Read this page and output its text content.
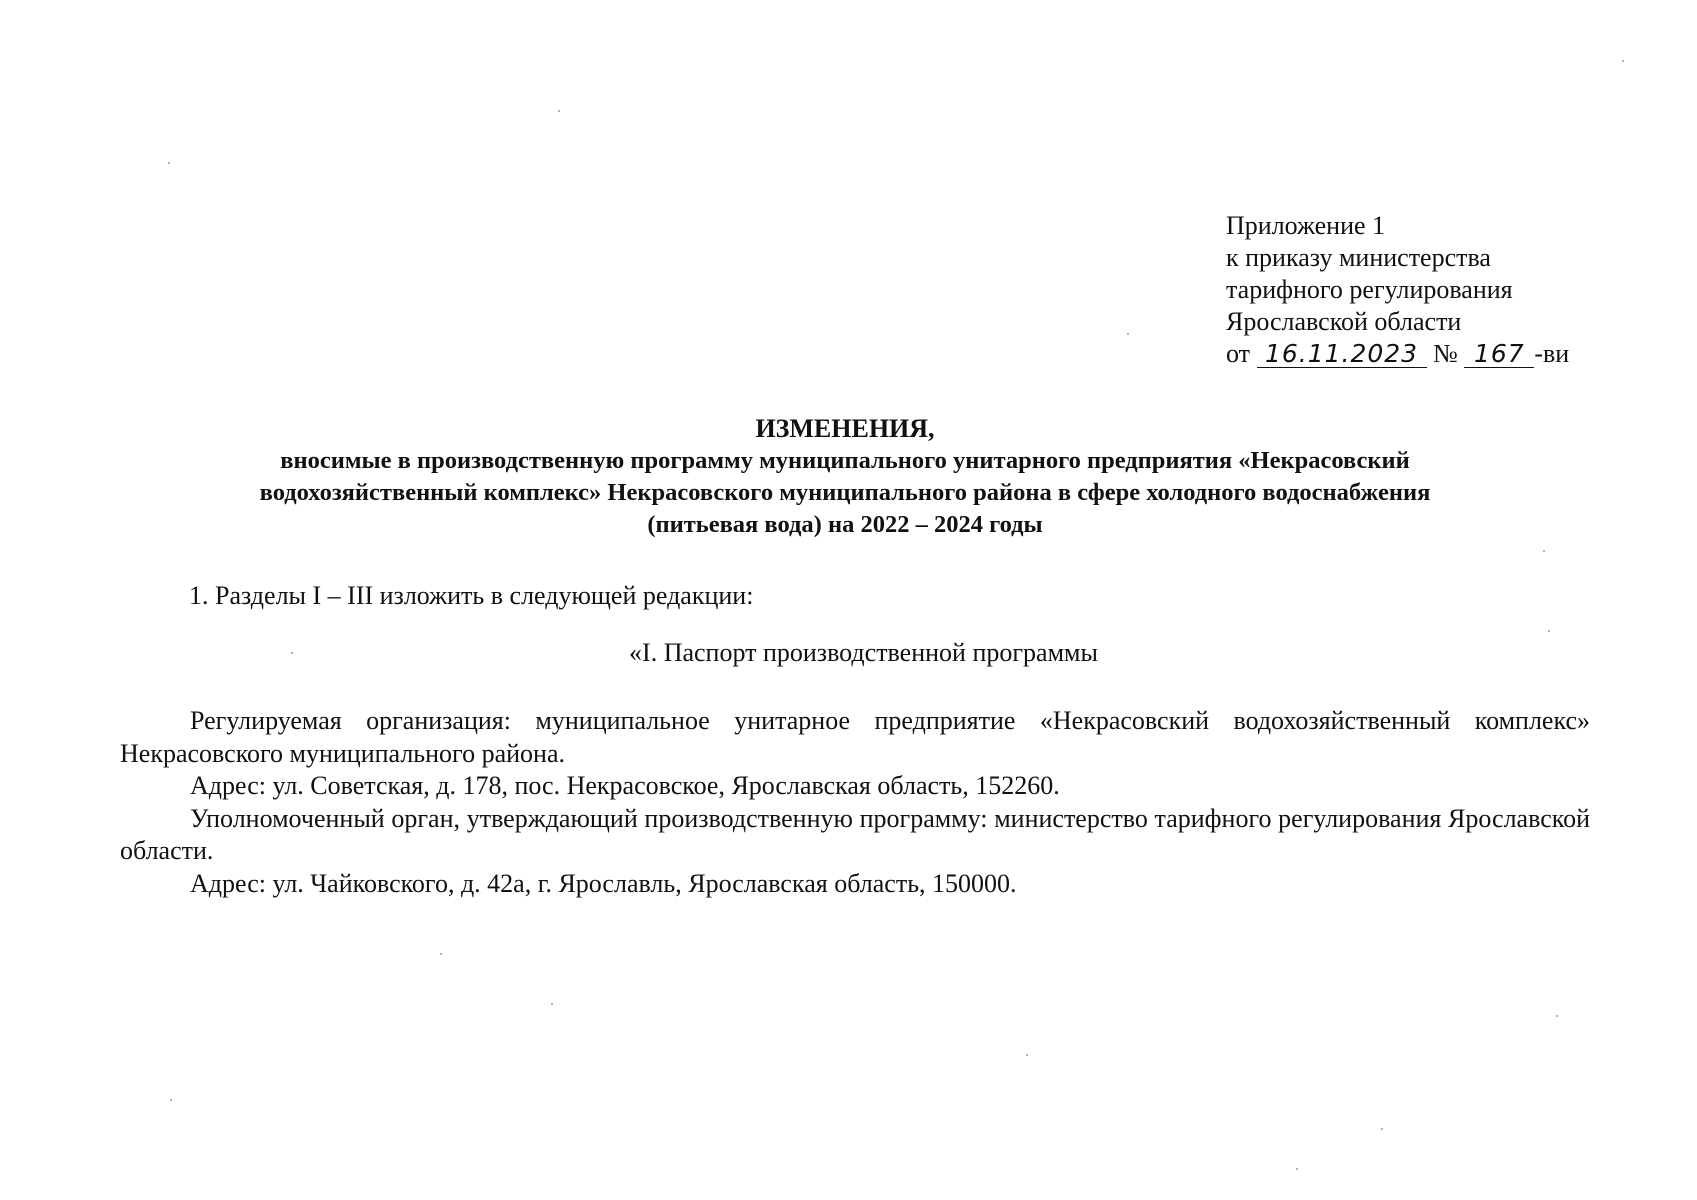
Приложение 1
к приказу министерства
тарифного регулирования
Ярославской области
от 16.11.2023 № 167 -ви
ИЗМЕНЕНИЯ,
вносимые в производственную программу муниципального унитарного предприятия «Некрасовский
водохозяйственный комплекс» Некрасовского муниципального района в сфере холодного водоснабжения
(питьевая вода) на 2022 – 2024 годы
1. Разделы I – III изложить в следующей редакции:
«I. Паспорт производственной программы

Регулируемая организация: муниципальное унитарное предприятие «Некрасовский водохозяйственный комплекс» Некрасовского муниципального района.

Адрес: ул. Советская, д. 178, пос. Некрасовское, Ярославская область, 152260.

Уполномоченный орган, утверждающий производственную программу: министерство тарифного регулирования Ярославской области.

Адрес: ул. Чайковского, д. 42а, г. Ярославль, Ярославская область, 150000.
